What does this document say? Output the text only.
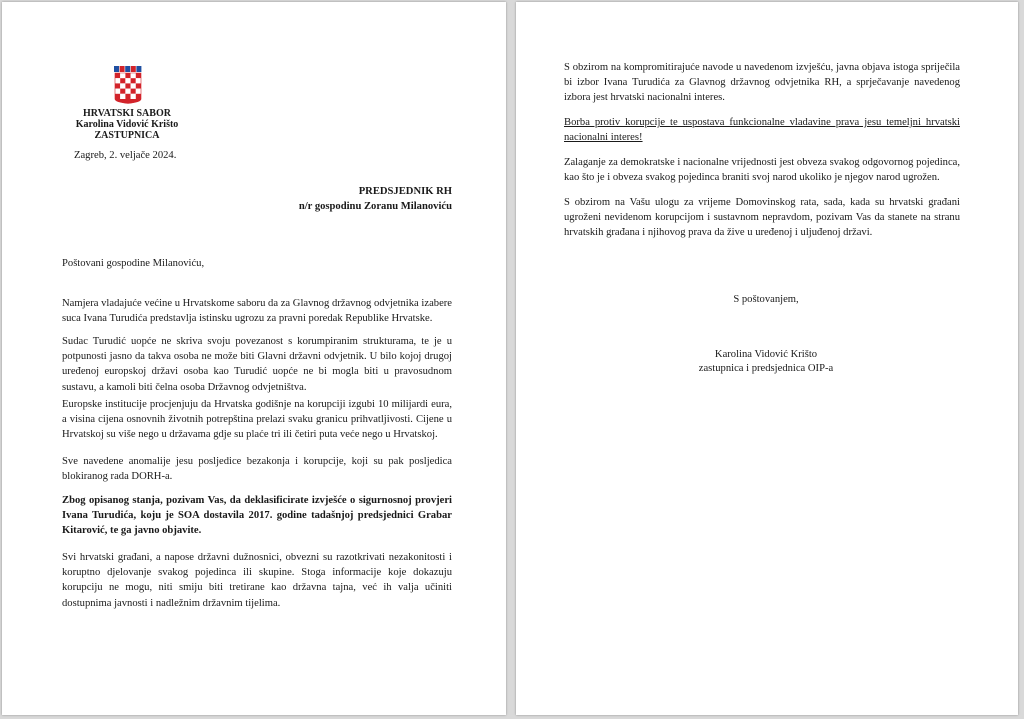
HRVATSKI SABOR

Karolina Vidović Krišto

ZASTUPNICA

Zagreb, 2. veljače 2024.

PREDSJEDNIK RH

n/r gospodinu Zoranu Milanoviću

Poštovani gospodine Milanoviću,

Namjera vladajuće većine u Hrvatskome saboru da za Glavnog državnog odvjetnika izabere suca Ivana Turudića predstavlja istinsku ugrozu za pravni poredak Republike Hrvatske.

Sudac Turudić uopće ne skriva svoju povezanost s korumpiranim strukturama, te je u potpunosti jasno da takva osoba ne može biti Glavni državni odvjetnik. U bilo kojoj drugoj uređenoj europskoj državi osoba kao Turudić uopće ne bi mogla biti u pravosudnom sustavu, a kamoli biti čelna osoba Državnog odvjetništva.

Europske institucije procjenjuju da Hrvatska godišnje na korupciji izgubi 10 milijardi eura, a visina cijena osnovnih životnih potrepština prelazi svaku granicu prihvatljivosti. Cijene u Hrvatskoj su više nego u državama gdje su plaće tri ili četiri puta veće nego u Hrvatskoj.

Sve navedene anomalije jesu posljedice bezakonja i korupcije, koji su pak posljedica blokiranog rada DORH-a.

Zbog opisanog stanja, pozivam Vas, da deklasificirate izvješće o sigurnosnoj provjeri Ivana Turudića, koju je SOA dostavila 2017. godine tadašnjoj predsjednici Grabar Kitarović, te ga javno objavite.

Svi hrvatski građani, a napose državni dužnosnici, obvezni su razotkrivati nezakonitosti i koruptno djelovanje svakog pojedinca ili skupine. Stoga informacije koje dokazuju korupciju ne mogu, niti smiju biti tretirane kao državna tajna, već ih valja učiniti dostupnima javnosti i nadležnim državnim tijelima.

S obzirom na kompromitirajuće navode u navedenom izvješću, javna objava istoga spriječila bi izbor Ivana Turudića za Glavnog državnog odvjetnika RH, a sprječavanje navedenog izbora jest hrvatski nacionalni interes.

Borba protiv korupcije te uspostava funkcionalne vladavine prava jesu temeljni hrvatski nacionalni interes!

Zalaganje za demokratske i nacionalne vrijednosti jest obveza svakog odgovornog pojedinca, kao što je i obveza svakog pojedinca braniti svoj narod ukoliko je njegov narod ugrožen.

S obzirom na Vašu ulogu za vrijeme Domovinskog rata, sada, kada su hrvatski građani ugroženi nevidenom korupcijom i sustavnom nepravdom, pozivam Vas da stanete na stranu hrvatskih građana i njihovog prava da žive u uređenoj i uljuđenoj državi.

S poštovanjem,

Karolina Vidović Krišto

zastupnica i predsjednica OIP-a
